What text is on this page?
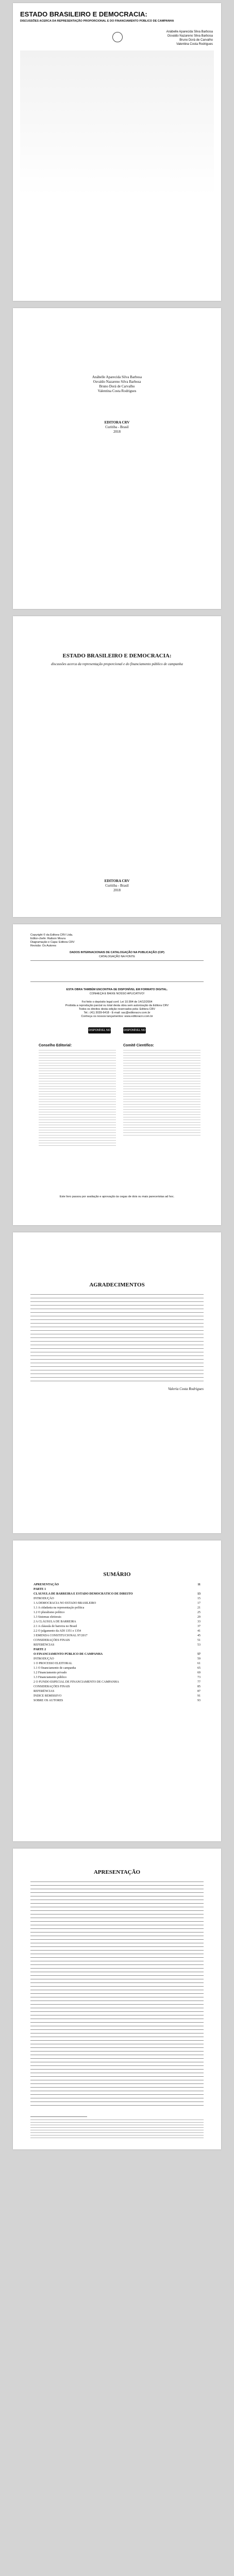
ESTADO BRASILEIRO E DEMOCRACIA:
DISCUSSÕES ACERCA DA REPRESENTAÇÃO PROPORCIONAL E DO FINANCIAMENTO PÚBLICO DE CAMPANHA
Anábelle Aparecida Silva Barbosa
Osvaldo Nazareno Silva Barbosa
Bruno Dorá de Carvalho
Valentina Costa Rodrigues
Anábelle Aparecida Silva Barbosa
Osvaldo Nazareno Silva Barbosa
Bruno Dorá de Carvalho
Valentina Costa Rodrigues
EDITORA CRV
Curitiba - Brasil
2018
ESTADO BRASILEIRO E DEMOCRACIA:
discussões acerca da representação proporcional e do financiamento público de campanha
EDITORA CRV
Curitiba - Brasil
2018
Copyright © da Editora CRV Ltda.
Editor-chefe: Railson Moura
Diagramação e Capa: Editora CRV
Revisão: Os Autores
DADOS INTERNACIONAIS DE CATALOGAÇÃO NA PUBLICAÇÃO (CIP)
CATALOGAÇÃO NA FONTE
ESTA OBRA TAMBÉM ENCONTRA-SE DISPONÍVEL EM FORMATO DIGITAL.
CONHEÇA E BAIXE NOSSO APLICATIVO!
Foi feito o depósito legal conf. Lei 10.994 de 14/12/2004
Proibida a reprodução parcial ou total desta obra sem autorização da Editora CRV
Todos os direitos desta edição reservados pela: Editora CRV
Tel.: (41) 3039-6418 - E-mail: sac@editoracrv.com.br
Conheça os nossos lançamentos: www.editoracrv.com.br
DISPONÍVEL NO	DISPONÍVEL NO
Conselho Editorial:	Comitê Científico:
Este livro passou por avaliação e aprovação às cegas de dois ou mais pareceristas ad hoc.
AGRADECIMENTOS
Valeria Costa Rodrigues
SUMÁRIO
APRESENTAÇÃO	11
PARTE 1
CLÁUSULA DE BARREIRA E ESTADO DEMOCRÁTICO DE DIREITO	13
INTRODUÇÃO	15
1 A DEMOCRACIA NO ESTADO BRASILEIRO	17
1.1 A cidadania na representação política	21
1.2 O pluralismo político	25
1.3 Sistemas eleitorais	29
2 A CLÁUSULA DE BARREIRA	33
2.1 A cláusula de barreira no Brasil	37
2.2 O julgamento da ADI 1351 e 1354	41
3 EMENDA CONSTITUCIONAL 97/2017	45
CONSIDERAÇÕES FINAIS	51
REFERÊNCIAS	53
PARTE 2
O FINANCIAMENTO PÚBLICO DE CAMPANHA	57
INTRODUÇÃO	59
1 O PROCESSO ELEITORAL	61
1.1 O financiamento de campanha	65
1.2 Financiamento privado	69
1.3 Financiamento público	73
2 O FUNDO ESPECIAL DE FINANCIAMENTO DE CAMPANHA	77
CONSIDERAÇÕES FINAIS	85
REFERÊNCIAS	87
ÍNDICE REMISSIVO	91
SOBRE OS AUTORES	93
APRESENTAÇÃO
